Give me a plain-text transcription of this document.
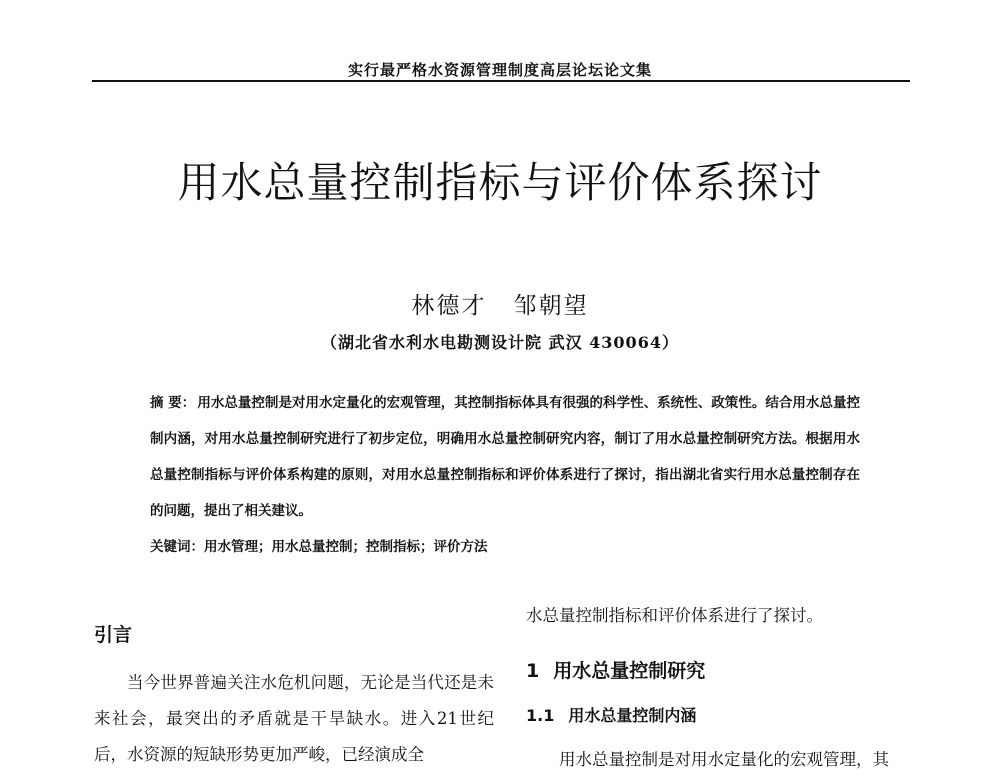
实行最严格水资源管理制度高层论坛论文集
用水总量控制指标与评价体系探讨
林德才 邹朝望
（湖北省水利水电勘测设计院 武汉 430064）
摘 要： 用水总量控制是对用水定量化的宏观管理，其控制指标体具有很强的科学性、系统性、政策性。结合用水总量控制内涵，对用水总量控制研究进行了初步定位，明确用水总量控制研究内容，制订了用水总量控制研究方法。根据用水总量控制指标与评价体系构建的原则，对用水总量控制指标和评价体系进行了探讨，指出湖北省实行用水总量控制存在的问题，提出了相关建议。
关键词：用水管理；用水总量控制；控制指标；评价方法
引言

当今世界普遍关注水危机问题，无论是当代还是未来社会，最突出的矛盾就是干旱缺水。进入21世纪后，水资源的短缺形势更加严峻，已经演成全

水总量控制指标和评价体系进行了探讨。

1 用水总量控制研究
1.1 用水总量控制内涵

用水总量控制是对用水定量化的宏观管理，其
